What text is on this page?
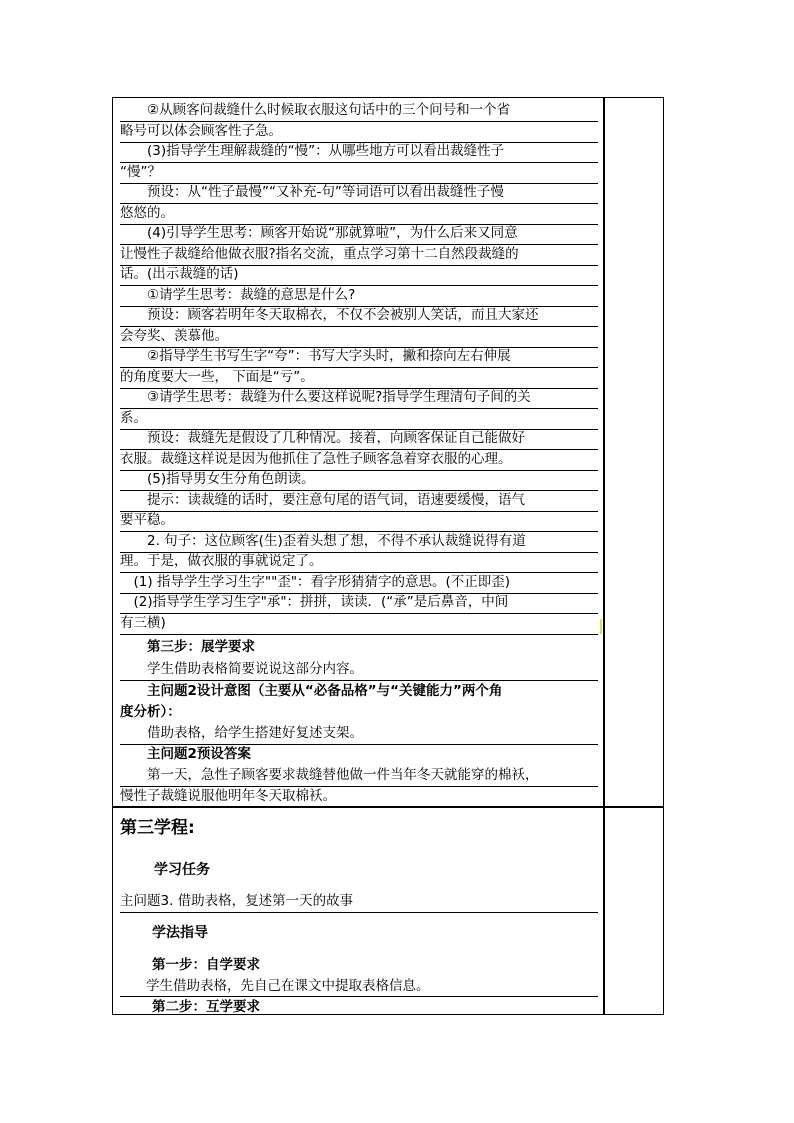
　　②从顾客问裁缝什么时候取衣服这句话中的三个问号和一个省
略号可以体会顾客性子急。
　　(3)指导学生理解裁缝的“慢”：从哪些地方可以看出裁缝性子
“慢”？
　　预设：从“性子最慢”“又补充-句”等词语可以看出裁缝性子慢
悠悠的。
　　(4)引导学生思考：顾客开始说“那就算啦”，为什么后来又同意
让慢性子裁缝给他做衣服?指名交流，重点学习第十二自然段裁缝的
话。(出示裁缝的话)
　　①请学生思考：裁缝的意思是什么?
　　预设：顾客若明年冬天取棉衣，不仅不会被别人笑话，而且大家还
会夸奖、羡慕他。
　　②指导学生书写生字“夸”：书写大字头时，撇和捺向左右伸展
的角度要大一些， 下面是“亏”。
　　③请学生思考：裁缝为什么要这样说呢?指导学生理清句子间的关
系。
　　预设：裁缝先是假设了几种情况。接着，向顾客保证自己能做好
衣服。裁缝这样说是因为他抓住了急性子顾客急着穿衣服的心理。
　　(5)指导男女生分角色朗读。
　　提示：读裁缝的话时，要注意句尾的语气词，语速要缓慢，语气
要平稳。
　　2. 句子：这位顾客(生)歪着头想了想，不得不承认裁缝说得有道
理。于是，做衣服的事就说定了。
　(1) 指导学生学习生字""歪"：看字形猜猜字的意思。(不正即歪)
　(2)指导学生学习生字"承"：拼拼，读读．(“承”是后鼻音，中间
有三横)
　　第三步：展学要求
　　学生借助表格简要说说这部分内容。
　　主问题2设计意图（主要从“必备品格”与“关键能力”两个角
度分析）：
　　借助表格，给学生搭建好复述支架。
　　主问题2预设答案
　　第一天，急性子顾客要求裁缝替他做一件当年冬天就能穿的棉袄，
慢性子裁缝说服他明年冬天取棉袄。
第三学程:
学习任务
主问题3. 借助表格，复述第一天的故事
学法指导
第一步：自学要求
学生借助表格，先自己在课文中提取表格信息。
第二步：互学要求
